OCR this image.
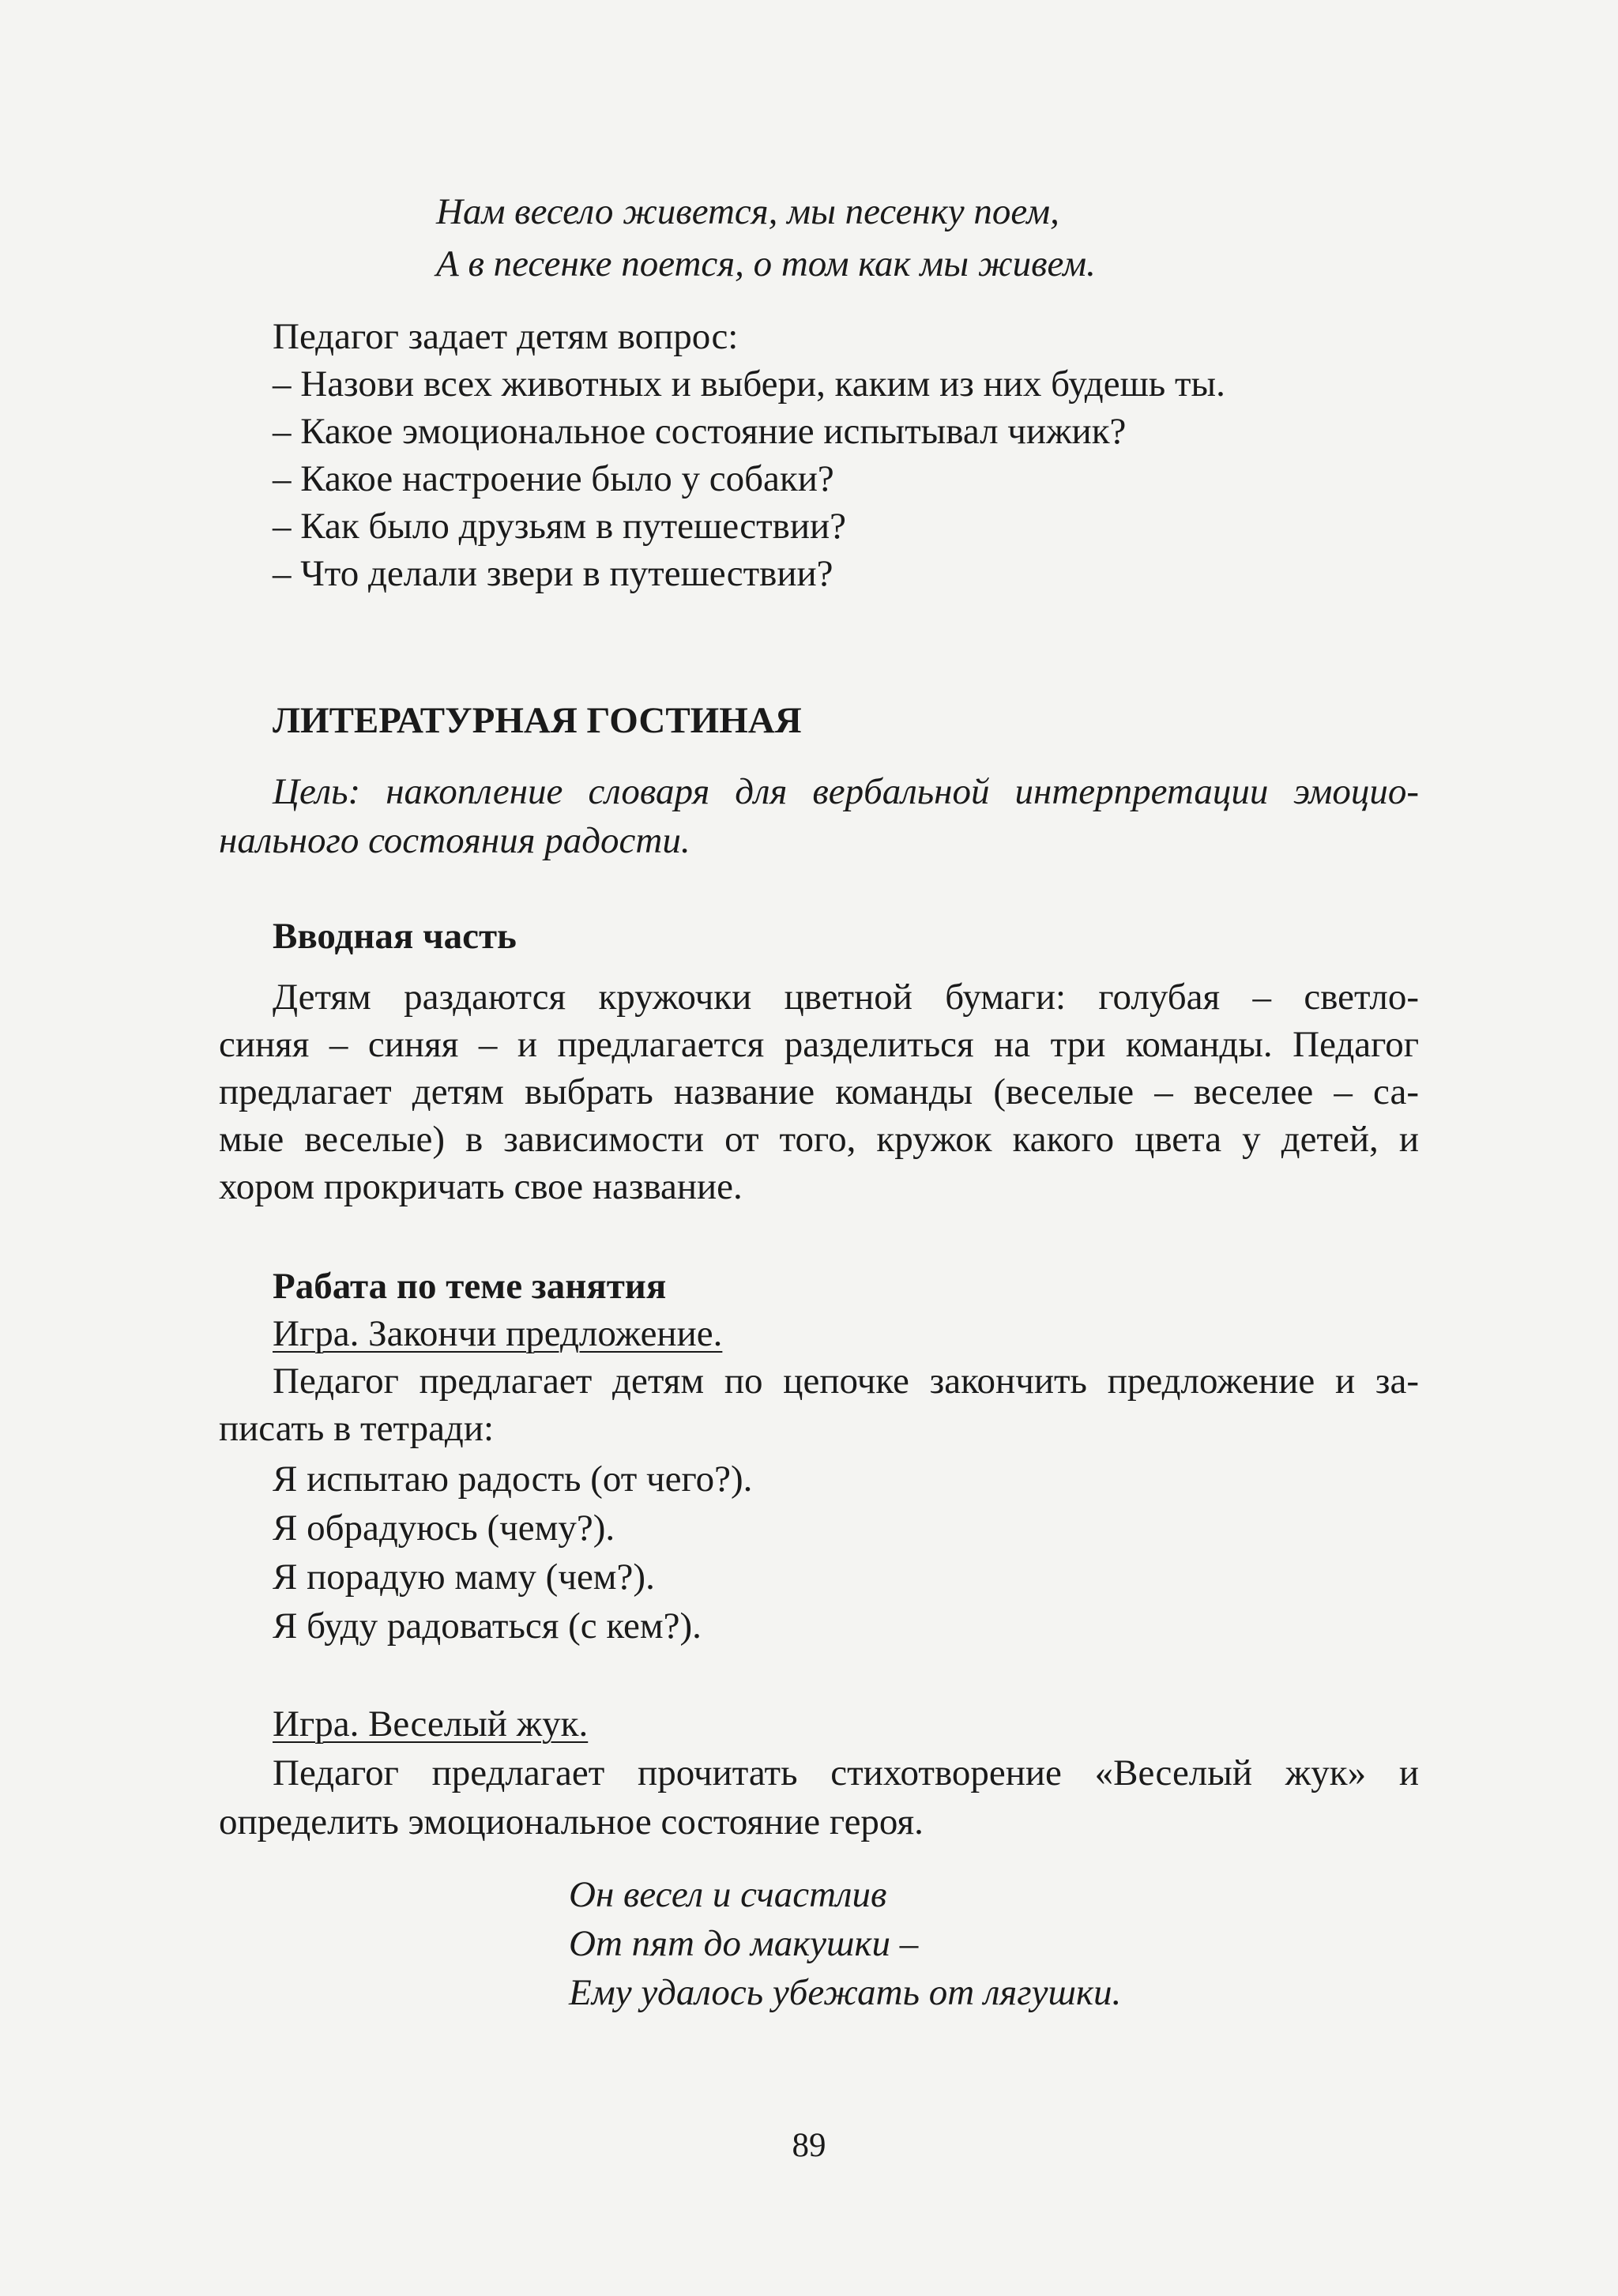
Нам весело живется, мы песенку поем,
А в песенке поется, о том как мы живем.
Педагог задает детям вопрос:
– Назови всех животных и выбери, каким из них будешь ты.
– Какое эмоциональное состояние испытывал чижик?
– Какое настроение было у собаки?
– Как было друзьям в путешествии?
– Что делали звери в путешествии?
ЛИТЕРАТУРНАЯ ГОСТИНАЯ
Цель: накопление словаря для вербальной интерпретации эмоцио-
нального состояния радости.
Вводная часть
Детям раздаются кружочки цветной бумаги: голубая – светло-
синяя – синяя – и предлагается разделиться на три команды. Педагог
предлагает детям выбрать название команды (веселые – веселее – са-
мые веселые) в зависимости от того, кружок какого цвета у детей, и
хором прокричать свое название.
Рабата по теме занятия
Игра. Закончи предложение.
Педагог предлагает детям по цепочке закончить предложение и за-
писать в тетради:
Я испытаю радость (от чего?).
Я обрадуюсь (чему?).
Я порадую маму (чем?).
Я буду радоваться (с кем?).
Игра. Веселый жук.
Педагог предлагает прочитать стихотворение «Веселый жук» и
определить эмоциональное состояние героя.
Он весел и счастлив
От пят до макушки –
Ему удалось убежать от лягушки.
89
